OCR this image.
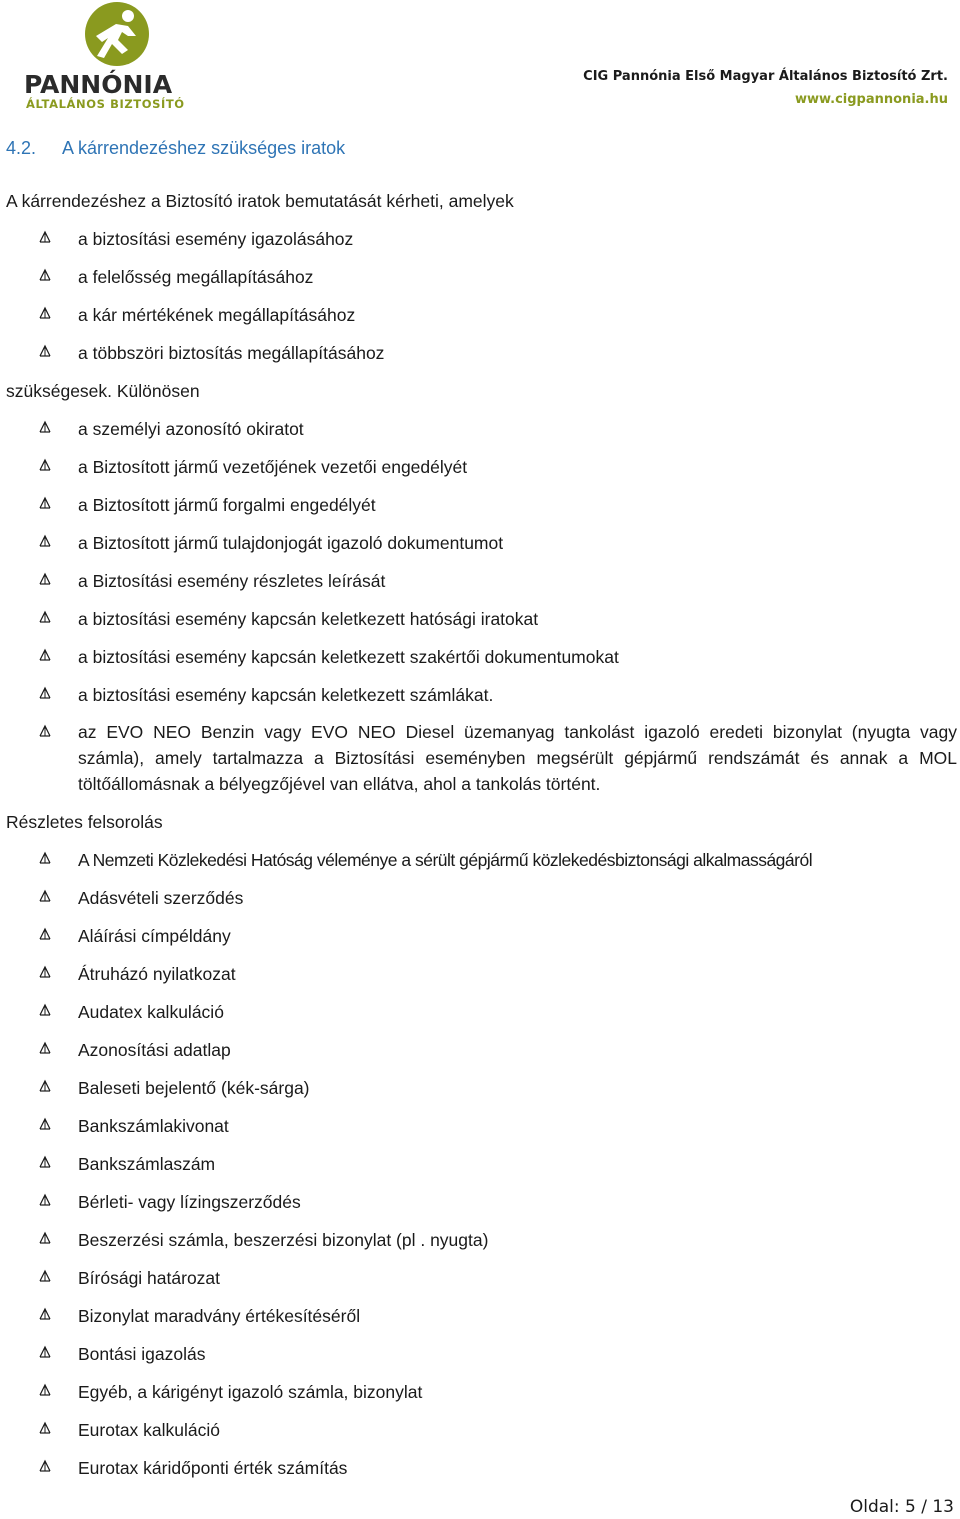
PANNÓNIA
ÁLTALÁNOS BIZTOSÍTÓ
CIG Pannónia Első Magyar Általános Biztosító Zrt.
www.cigpannonia.hu
4.2. A kárrendezéshez szükséges iratok
A kárrendezéshez a Biztosító iratok bemutatását kérheti, amelyek
a biztosítási esemény igazolásához
a felelősség megállapításához
a kár mértékének megállapításához
a többszöri biztosítás megállapításához
szükségesek. Különösen
a személyi azonosító okiratot
a Biztosított jármű vezetőjének vezetői engedélyét
a Biztosított jármű forgalmi engedélyét
a Biztosított jármű tulajdonjogát igazoló dokumentumot
a Biztosítási esemény részletes leírását
a biztosítási esemény kapcsán keletkezett hatósági iratokat
a biztosítási esemény kapcsán keletkezett szakértői dokumentumokat
a biztosítási esemény kapcsán keletkezett számlákat.
az EVO NEO Benzin vagy EVO NEO Diesel üzemanyag tankolást igazoló eredeti bizonylat (nyugta vagy számla), amely tartalmazza a Biztosítási eseményben megsérült gépjármű rendszámát és annak a MOL töltőállomásnak a bélyegzőjével van ellátva, ahol a tankolás történt.
Részletes felsorolás
A Nemzeti Közlekedési Hatóság véleménye a sérült gépjármű közlekedésbiztonsági alkalmasságáról
Adásvételi szerződés
Aláírási címpéldány
Átruházó nyilatkozat
Audatex kalkuláció
Azonosítási adatlap
Baleseti bejelentő (kék-sárga)
Bankszámlakivonat
Bankszámlaszám
Bérleti- vagy lízingszerződés
Beszerzési számla, beszerzési bizonylat (pl . nyugta)
Bírósági határozat
Bizonylat maradvány értékesítéséről
Bontási igazolás
Egyéb, a kárigényt igazoló számla, bizonylat
Eurotax kalkuláció
Eurotax káridőponti érték számítás
Oldal: 5 / 13
